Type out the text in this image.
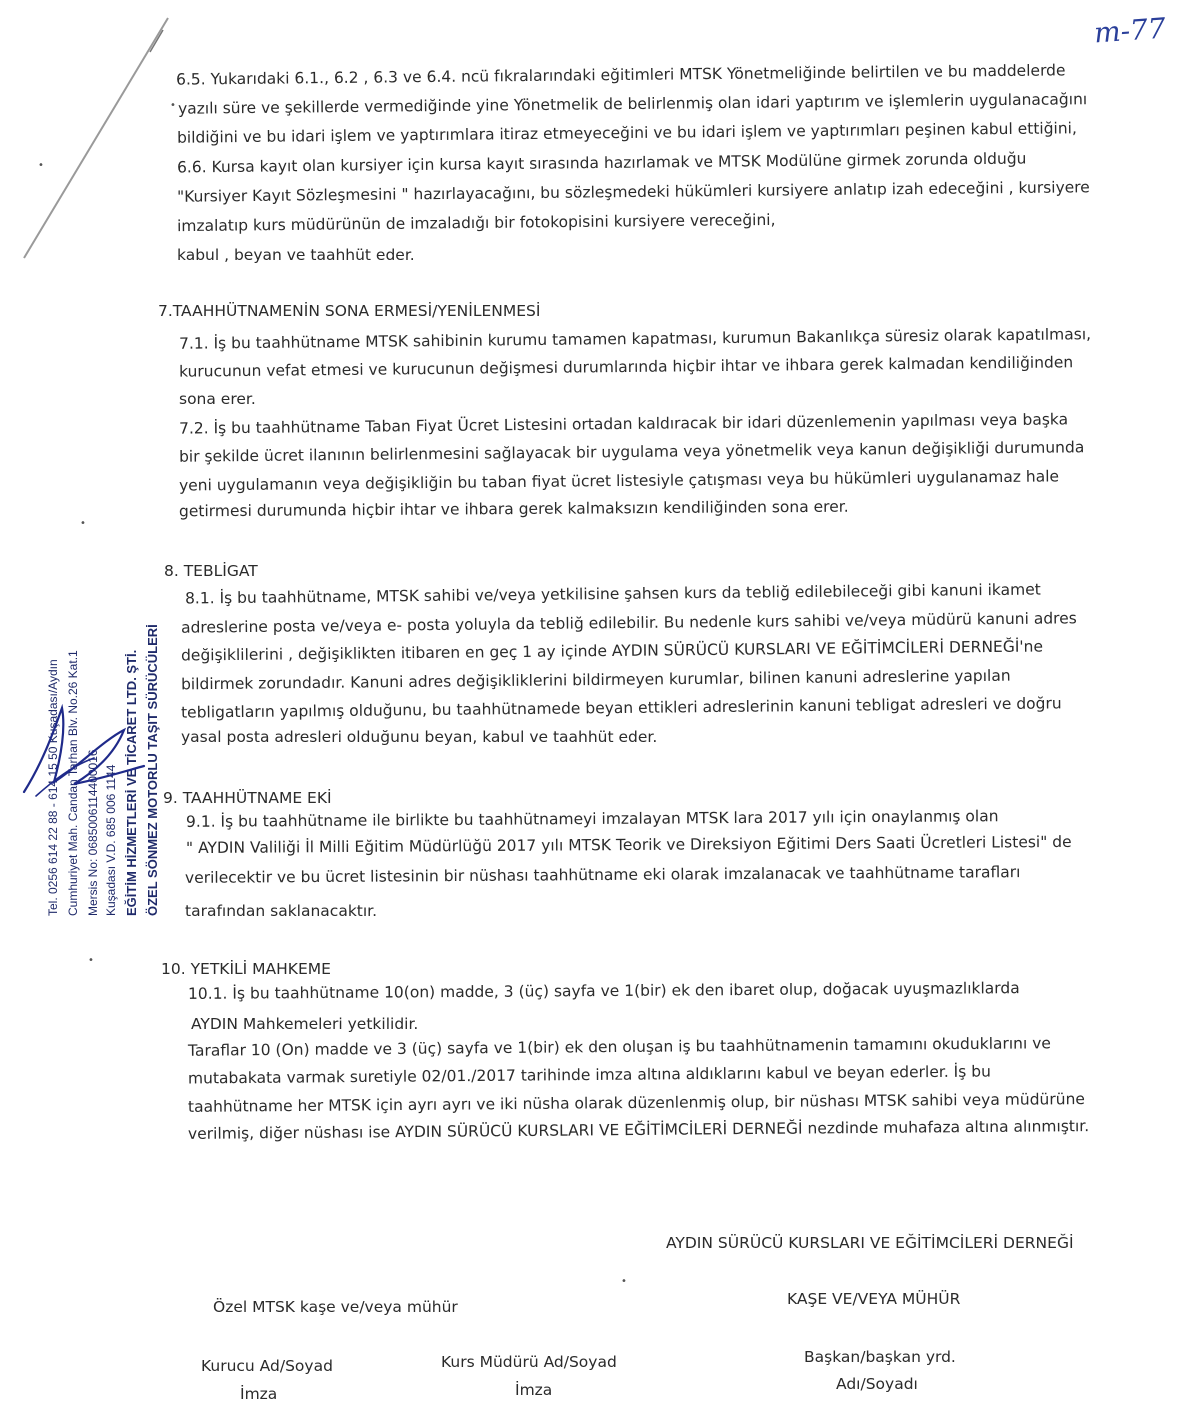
m-77
6.5. Yukarıdaki 6.1., 6.2 , 6.3 ve 6.4. ncü fıkralarındaki eğitimleri MTSK Yönetmeliğinde belirtilen ve bu maddelerde
yazılı süre ve şekillerde vermediğinde yine Yönetmelik de belirlenmiş olan idari yaptırım ve işlemlerin uygulanacağını
bildiğini ve bu idari işlem ve yaptırımlara itiraz etmeyeceğini ve bu idari işlem ve yaptırımları peşinen kabul ettiğini,
6.6. Kursa kayıt olan kursiyer için kursa kayıt sırasında hazırlamak ve MTSK Modülüne girmek zorunda olduğu
"Kursiyer Kayıt Sözleşmesini " hazırlayacağını, bu sözleşmedeki hükümleri kursiyere anlatıp izah edeceğini , kursiyere
imzalatıp kurs müdürünün de imzaladığı bir fotokopisini kursiyere vereceğini,
kabul , beyan ve taahhüt eder.
7.TAAHHÜTNAMENİN SONA ERMESİ/YENİLENMESİ
7.1. İş bu taahhütname MTSK sahibinin kurumu tamamen kapatması, kurumun Bakanlıkça süresiz olarak kapatılması,
kurucunun vefat etmesi ve kurucunun değişmesi durumlarında hiçbir ihtar ve ihbara gerek kalmadan kendiliğinden
sona erer.
7.2. İş bu taahhütname Taban Fiyat Ücret Listesini ortadan kaldıracak bir idari düzenlemenin yapılması veya başka
bir şekilde ücret ilanının belirlenmesini sağlayacak bir uygulama veya yönetmelik veya kanun değişikliği durumunda
yeni uygulamanın veya değişikliğin bu taban fiyat ücret listesiyle çatışması veya bu hükümleri uygulanamaz hale
getirmesi durumunda hiçbir ihtar ve ihbara gerek kalmaksızın kendiliğinden sona erer.
8. TEBLİGAT
8.1. İş bu taahhütname, MTSK sahibi ve/veya yetkilisine şahsen kurs da tebliğ edilebileceği gibi kanuni ikamet
adreslerine posta ve/veya e- posta yoluyla da tebliğ edilebilir. Bu nedenle kurs sahibi ve/veya müdürü kanuni adres
değişiklilerini , değişiklikten itibaren en geç 1 ay içinde AYDIN SÜRÜCÜ KURSLARI VE EĞİTİMCİLERİ DERNEĞİ'ne
bildirmek zorundadır. Kanuni adres değişikliklerini bildirmeyen kurumlar, bilinen kanuni adreslerine yapılan
tebligatların yapılmış olduğunu, bu taahhütnamede beyan ettikleri adreslerinin kanuni tebligat adresleri ve doğru
yasal posta adresleri olduğunu beyan, kabul ve taahhüt eder.
9. TAAHHÜTNAME EKİ
9.1. İş bu taahhütname ile birlikte bu taahhütnameyi imzalayan MTSK lara 2017 yılı için onaylanmış olan
" AYDIN Valiliği İl Milli Eğitim Müdürlüğü 2017 yılı MTSK Teorik ve Direksiyon Eğitimi Ders Saati Ücretleri Listesi" de
verilecektir ve bu ücret listesinin bir nüshası taahhütname eki olarak imzalanacak ve taahhütname tarafları
tarafından saklanacaktır.
10. YETKİLİ MAHKEME
10.1. İş bu taahhütname 10(on) madde, 3 (üç) sayfa ve 1(bir) ek den ibaret olup, doğacak uyuşmazlıklarda
AYDIN Mahkemeleri yetkilidir.
Taraflar 10 (On) madde ve 3 (üç) sayfa ve 1(bir) ek den oluşan iş bu taahhütnamenin tamamını okuduklarını ve
mutabakata varmak suretiyle 02/01./2017 tarihinde imza altına aldıklarını kabul ve beyan ederler. İş bu
taahhütname her MTSK için ayrı ayrı ve iki nüsha olarak düzenlenmiş olup, bir nüshası MTSK sahibi veya müdürüne
verilmiş, diğer nüshası ise AYDIN SÜRÜCÜ KURSLARI VE EĞİTİMCİLERİ DERNEĞİ nezdinde muhafaza altına alınmıştır.
AYDIN SÜRÜCÜ KURSLARI VE EĞİTİMCİLERİ DERNEĞİ
Özel MTSK kaşe ve/veya mühür	KAŞE VE/VEYA MÜHÜR
Kurucu Ad/Soyad
İmza
Kurs Müdürü Ad/Soyad
İmza
Başkan/başkan yrd.
Adı/Soyadı
ÖZEL SÖNMEZ MOTORLU TAŞIT SÜRÜCÜLERİ
EĞİTİM HİZMETLERİ VE TİCARET LTD. ŞTİ.
Kuşadası V.D. 685 006 1144
Mersis No: 0685006114400016
Cumhuriyet Mah. Candan Tarhan Blv. No.26 Kat.1
Tel. 0256 614 22 88 - 614 15 50 Kuşadası/Aydın
•
•
•
•
•
